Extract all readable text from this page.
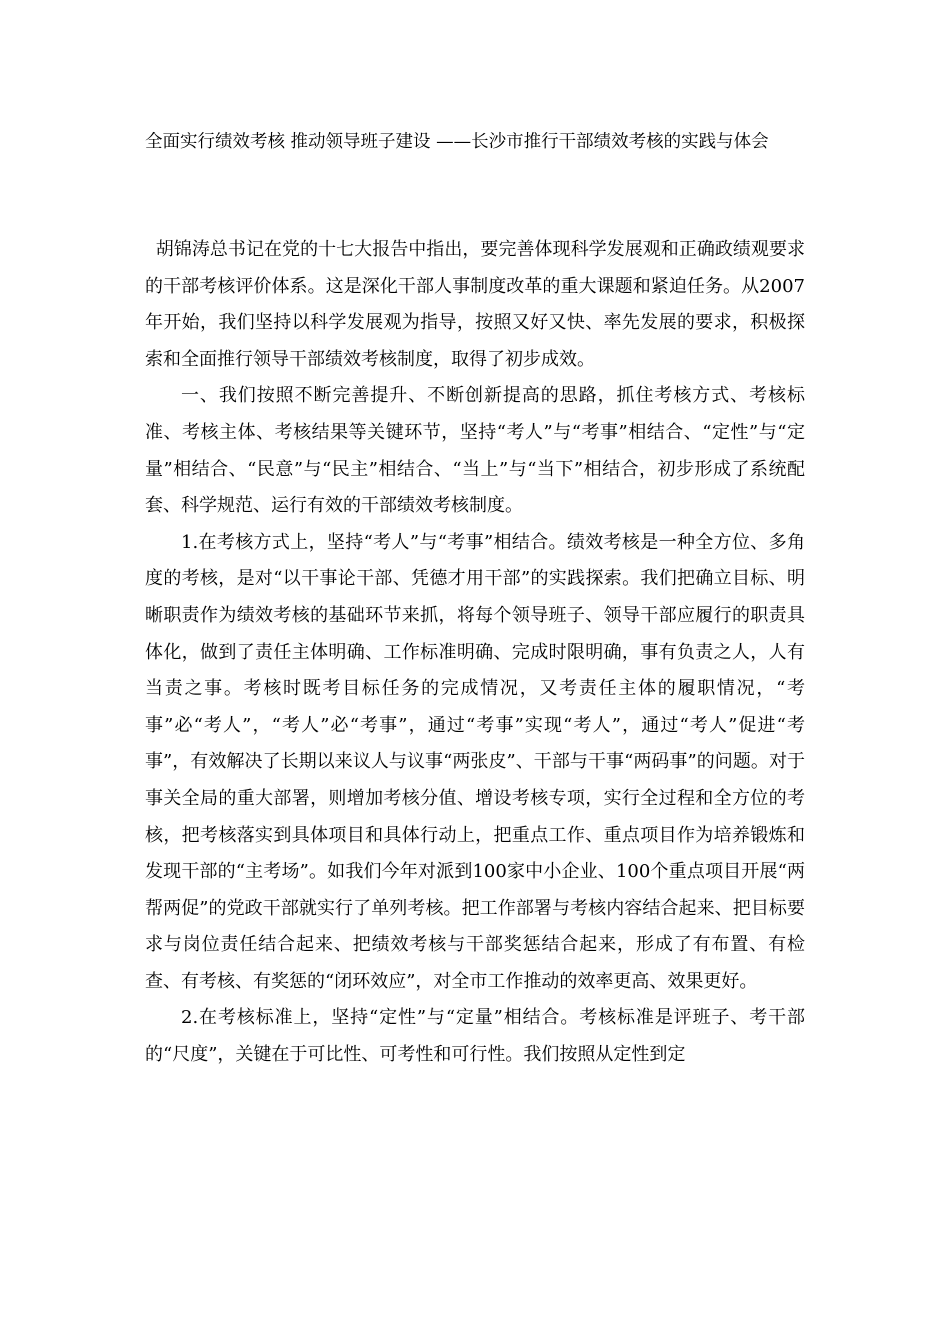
全面实行绩效考核 推动领导班子建设 ——长沙市推行干部绩效考核的实践与体会

胡锦涛总书记在党的十七大报告中指出，要完善体现科学发展观和正确政绩观要求的干部考核评价体系。这是深化干部人事制度改革的重大课题和紧迫任务。从2007年开始，我们坚持以科学发展观为指导，按照又好又快、率先发展的要求，积极探索和全面推行领导干部绩效考核制度，取得了初步成效。

一、我们按照不断完善提升、不断创新提高的思路，抓住考核方式、考核标准、考核主体、考核结果等关键环节，坚持“考人”与“考事”相结合、“定性”与“定量”相结合、“民意”与“民主”相结合、“当上”与“当下”相结合，初步形成了系统配套、科学规范、运行有效的干部绩效考核制度。

1.在考核方式上，坚持“考人”与“考事”相结合。绩效考核是一种全方位、多角度的考核，是对“以干事论干部、凭德才用干部”的实践探索。我们把确立目标、明晰职责作为绩效考核的基础环节来抓，将每个领导班子、领导干部应履行的职责具体化，做到了责任主体明确、工作标准明确、完成时限明确，事有负责之人，人有当责之事。考核时既考目标任务的完成情况，又考责任主体的履职情况，“考事”必“考人”，“考人”必“考事”，通过“考事”实现“考人”，通过“考人”促进“考事”，有效解决了长期以来议人与议事“两张皮”、干部与干事“两码事”的问题。对于事关全局的重大部署，则增加考核分值、增设考核专项，实行全过程和全方位的考核，把考核落实到具体项目和具体行动上，把重点工作、重点项目作为培养锻炼和发现干部的“主考场”。如我们今年对派到100家中小企业、100个重点项目开展“两帮两促”的党政干部就实行了单列考核。把工作部署与考核内容结合起来、把目标要求与岗位责任结合起来、把绩效考核与干部奖惩结合起来，形成了有布置、有检查、有考核、有奖惩的“闭环效应”，对全市工作推动的效率更高、效果更好。

2.在考核标准上，坚持“定性”与“定量”相结合。考核标准是评班子、考干部的“尺度”，关键在于可比性、可考性和可行性。我们按照从定性到定
